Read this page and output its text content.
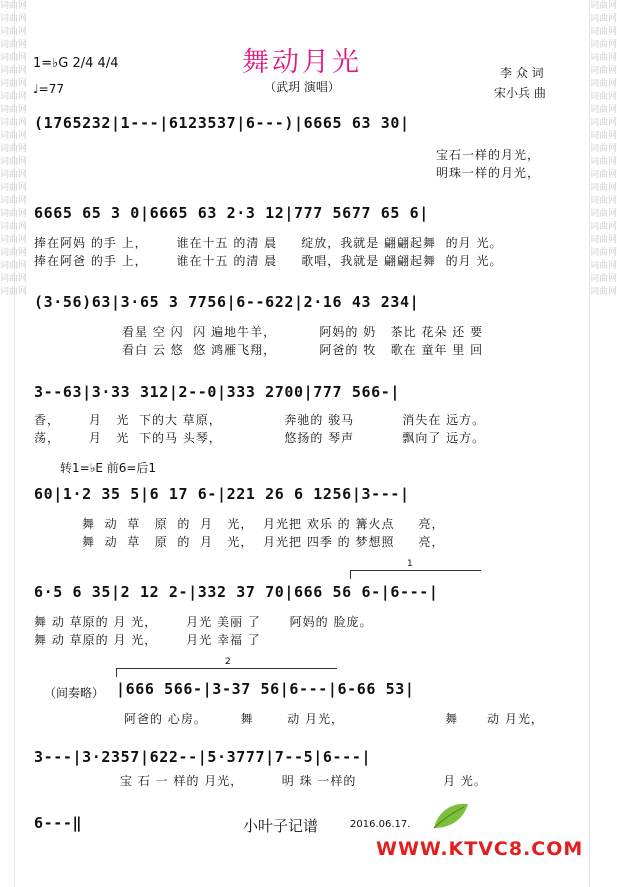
词曲网
词曲网
词曲网
词曲网
词曲网
词曲网
词曲网
词曲网
词曲网
词曲网
词曲网
词曲网
词曲网
词曲网
词曲网
词曲网
词曲网
词曲网
词曲网
词曲网
词曲网
词曲网
词曲网

词曲网
词曲网
词曲网
词曲网
词曲网
词曲网
词曲网
词曲网
词曲网
词曲网
词曲网
词曲网
词曲网
词曲网
词曲网
词曲网
词曲网
词曲网
词曲网
词曲网
词曲网
词曲网
词曲网

舞动月光
（武玥 演唱）
1=♭G 2/4 4/4
♩=77
李 众 词
宋小兵 曲
(1765232|1---|6123537|6---)|6665 63 30|
宝石一样的月光，
明珠一样的月光，
6665 65 3 0|6665 63 2·3 12|777 5677 65 6|
捧在阿妈 的手 上，      谁在十五 的清 晨     绽放，我就是 翩翩起舞  的月 光。
捧在阿爸 的手 上，      谁在十五 的清 晨     歌唱，我就是 翩翩起舞  的月 光。
(3·56)63|3·65 3 7756|6--622|2·16 43 234|
看星 空 闪  闪 遍地牛羊，         阿妈的 奶   茶比 花朵 还 要
看白 云 悠  悠 鸿雁飞翔，         阿爸的 牧   歌在 童年 里 回
3--63|3·33 312|2--0|333 2700|777 566-|
香，      月   光  下的大 草原，             奔驰的 骏马          消失在 远方。
荡，      月   光  下的马 头琴，             悠扬的 琴声          飘向了 远方。
转1=♭E 前6=后1
60|1·2 35 5|6 17 6-|221 26 6 1256|3---|
舞  动  草   原  的  月   光，  月光把 欢乐 的 篝火点     亮，
舞  动  草   原  的  月   光，  月光把 四季 的 梦想照     亮，
1
6·5 6 35|2 12 2-|332 37 70|666 56 6-|6---|
舞 动 草原的 月 光，      月光 美丽 了      阿妈的 脸庞。
舞 动 草原的 月 光，      月光 幸福 了
2
（间奏略） |666 566-|3-37 56|6---|6-66 53|
阿爸的 心房。       舞       动 月光，                     舞      动 月光，
3---|3·2357|622--|5·3777|7--5|6---|
宝 石 一 样的 月光，        明 珠 一样的                  月 光。
6---‖	小叶子记谱	2016.06.17.
WWW.KTVC8.COM
